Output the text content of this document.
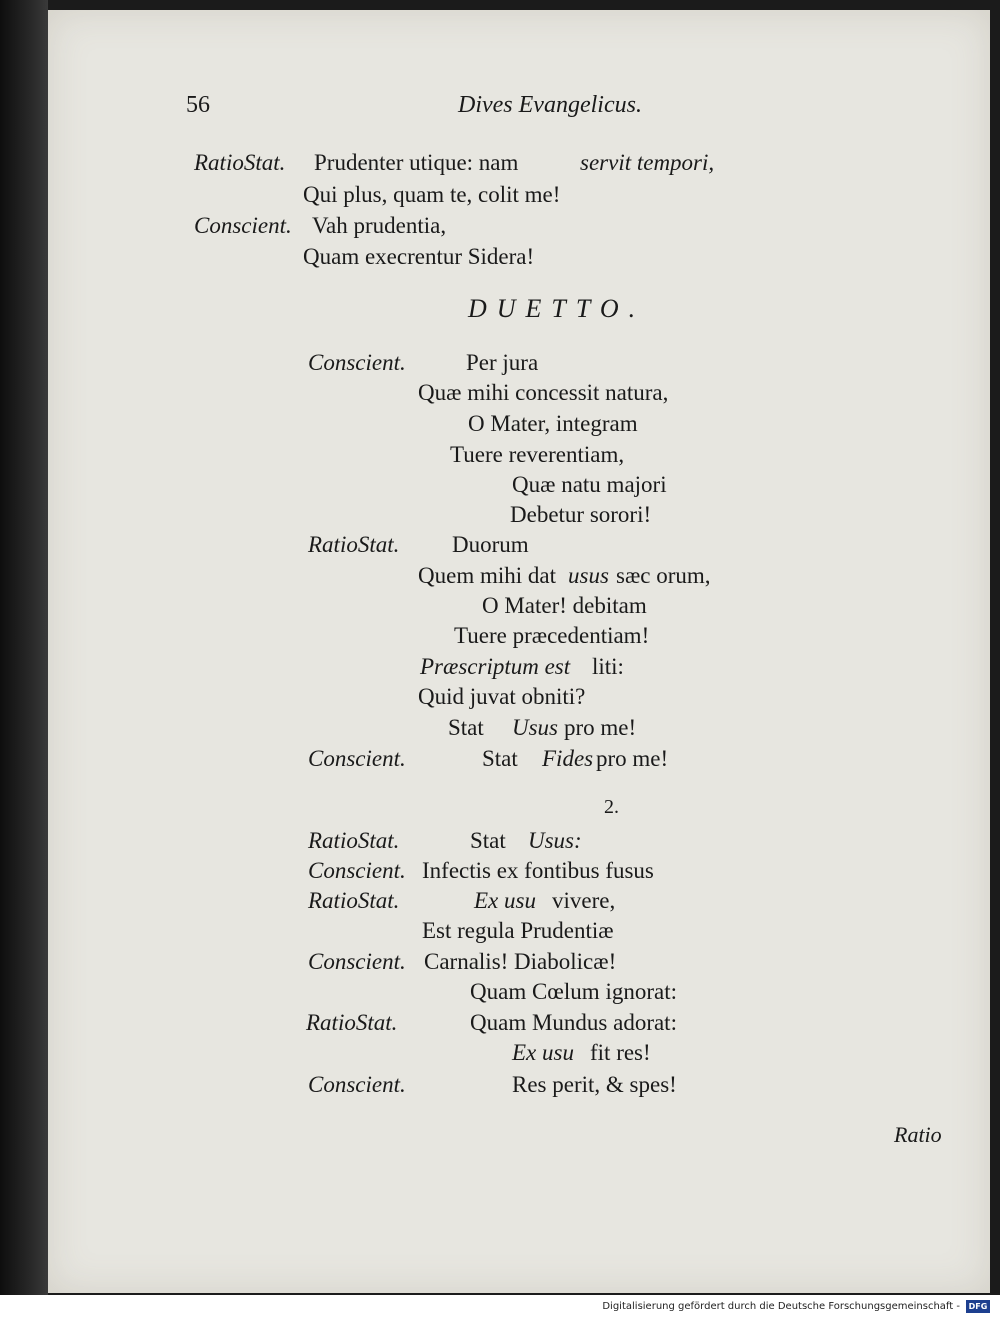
56	Dives Evangelicus.
RatioStat. Prudenter utique: nam	servit tempori,
Qui plus, quam te, colit me!
Conscient. Vah prudentia,
Quam execrentur Sidera!
DUETTO.
Conscient.	Per jura
Quæ mihi concessit natura,
O Mater, integram
Tuere reverentiam,
Quæ natu majori
Debetur sorori!
RatioStat. Duorum
Quem mihi dat usus sæc orum,
O Mater! debitam
Tuere præcedentiam!
Præscriptum est liti:
Quid juvat obniti?
Stat Usus pro me!
Conscient.	Stat Fides pro me!
2.
RatioStat.	Stat Usus:
Conscient. Infectis ex fontibus fusus
RatioStat.	Ex usu vivere,
Est regula Prudentiæ
Conscient. Carnalis! Diabolicæ!
Quam Cœlum ignorat:
RatioStat.	Quam Mundus adorat:
Ex usu fit res!
Conscient.	Res perit, & spes!
Ratio
Digitalisierung gefördert durch die Deutsche Forschungsgemeinschaft -	DFG
